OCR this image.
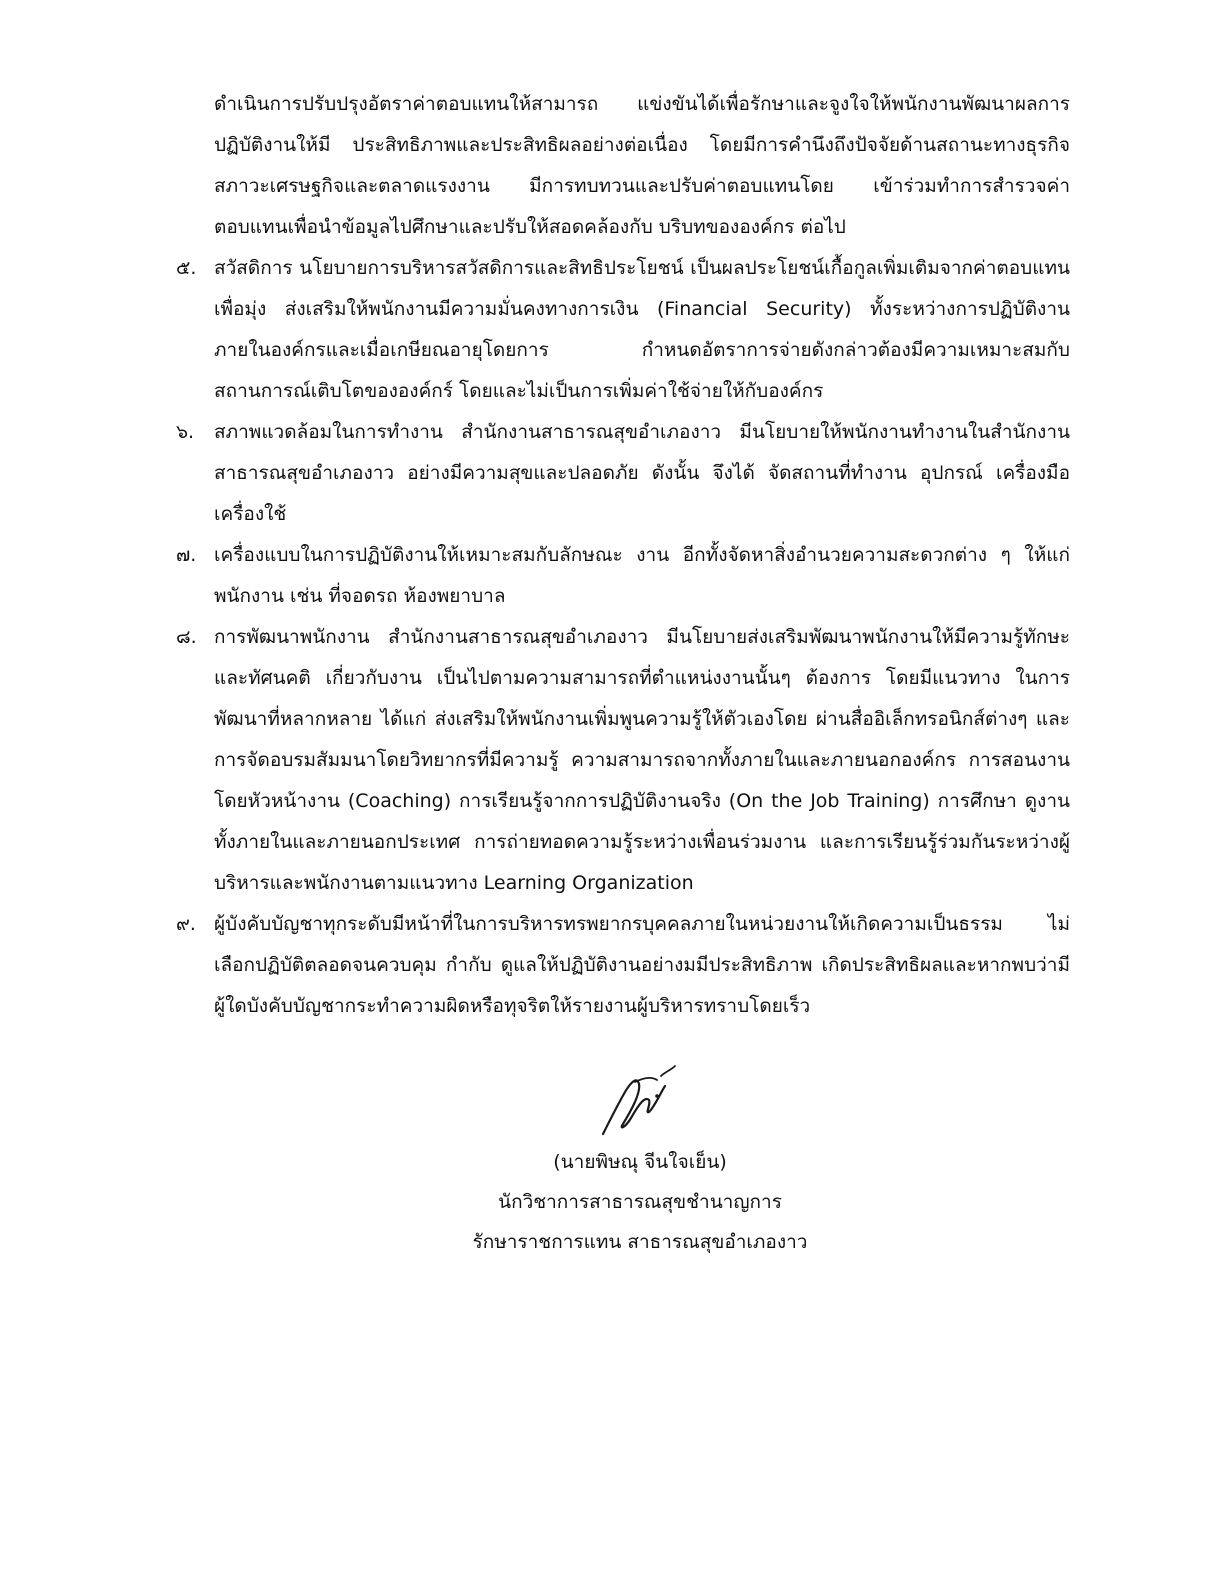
ดำเนินการปรับปรุงอัตราค่าตอบแทนให้สามารถ แข่งขันได้เพื่อรักษาและจูงใจให้พนักงานพัฒนาผลการปฏิบัติงานให้มี ประสิทธิภาพและประสิทธิผลอย่างต่อเนื่อง โดยมีการคำนึงถึงปัจจัยด้านสถานะทางธุรกิจ สภาวะเศรษฐกิจและตลาดแรงงาน มีการทบทวนและปรับค่าตอบแทนโดย เข้าร่วมทำการสำรวจค่าตอบแทนเพื่อนำข้อมูลไปศึกษาและปรับให้สอดคล้องกับ บริบทขององค์กร ต่อไป

๕. สวัสดิการ นโยบายการบริหารสวัสดิการและสิทธิประโยชน์ เป็นผลประโยชน์เกื้อกูลเพิ่มเติมจากค่าตอบแทน เพื่อมุ่ง ส่งเสริมให้พนักงานมีความมั่นคงทางการเงิน (Financial Security) ทั้งระหว่างการปฏิบัติงานภายในองค์กรและเมื่อเกษียณอายุโดยการ กำหนดอัตราการจ่ายดังกล่าวต้องมีความเหมาะสมกับสถานการณ์เติบโตขององค์กร์ โดยและไม่เป็นการเพิ่มค่าใช้จ่ายให้กับองค์กร

๖.	สภาพแวดล้อมในการทำงาน สำนักงานสาธารณสุขอำเภองาว มีนโยบายให้พนักงานทำงานในสำนักงานสาธารณสุขอำเภองาว อย่างมีความสุขและปลอดภัย ดังนั้น จึงได้ จัดสถานที่ทำงาน อุปกรณ์ เครื่องมือเครื่องใช้

๗. เครื่องแบบในการปฏิบัติงานให้เหมาะสมกับลักษณะ งาน อีกทั้งจัดหาสิ่งอำนวยความสะดวกต่าง ๆ ให้แก่ พนักงาน เช่น ที่จอดรถ ห้องพยาบาล

๘. การพัฒนาพนักงาน สำนักงานสาธารณสุขอำเภองาว มีนโยบายส่งเสริมพัฒนาพนักงานให้มีความรู้ทักษะและทัศนคติ เกี่ยวกับงาน เป็นไปตามความสามารถที่ตำแหน่งงานนั้นๆ ต้องการ โดยมีแนวทาง ในการพัฒนาที่หลากหลาย ได้แก่ ส่งเสริมให้พนักงานเพิ่มพูนความรู้ให้ตัวเองโดย ผ่านสื่ออิเล็กทรอนิกส์ต่างๆ และการจัดอบรมสัมมนาโดยวิทยากรที่มีความรู้ ความสามารถจากทั้งภายในและภายนอกองค์กร การสอนงานโดยหัวหน้างาน (Coaching) การเรียนรู้จากการปฏิบัติงานจริง (On the Job Training) การศึกษา ดูงานทั้งภายในและภายนอกประเทศ การถ่ายทอดความรู้ระหว่างเพื่อนร่วมงาน และการเรียนรู้ร่วมกันระหว่างผู้บริหารและพนักงานตามแนวทาง Learning Organization

๙. ผู้บังคับบัญชาทุกระดับมีหน้าที่ในการบริหารทรพยากรบุคคลภายในหน่วยงานให้เกิดความเป็นธรรม ไม่เลือกปฏิบัติตลอดจนควบคุม กำกับ ดูแลให้ปฏิบัติงานอย่างมมีประสิทธิภาพ เกิดประสิทธิผลและหากพบว่ามีผู้ใดบังคับบัญชากระทำความผิดหรือทุจริตให้รายงานผู้บริหารทราบโดยเร็ว

(นายพิษณุ จีนใจเย็น)
นักวิชาการสาธารณสุขชำนาญการ
รักษาราชการแทน สาธารณสุขอำเภองาว
